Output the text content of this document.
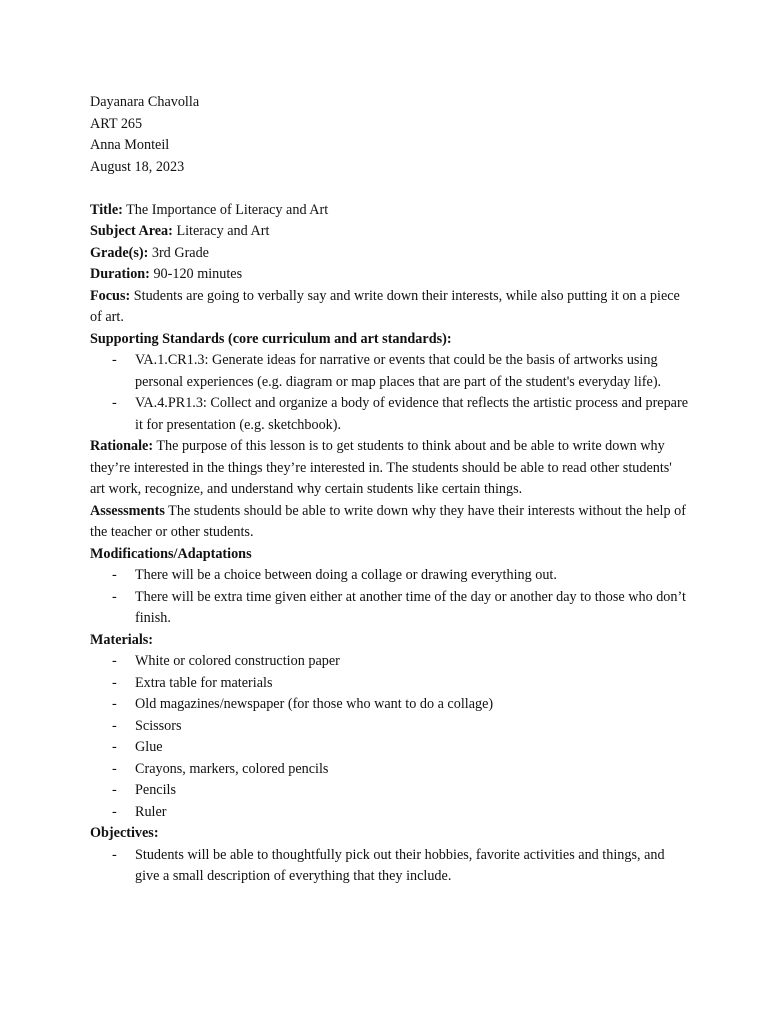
Dayanara Chavolla

ART 265

Anna Monteil

August 18, 2023

Title: The Importance of Literacy and Art

Subject Area: Literacy and Art

Grade(s): 3rd Grade

Duration: 90-120 minutes

Focus: Students are going to verbally say and write down their interests, while also putting it on a piece of art.

Supporting Standards (core curriculum and art standards):

- VA.1.CR1.3: Generate ideas for narrative or events that could be the basis of artworks using personal experiences (e.g. diagram or map places that are part of the student's everyday life).
- VA.4.PR1.3: Collect and organize a body of evidence that reflects the artistic process and prepare it for presentation (e.g. sketchbook).

Rationale: The purpose of this lesson is to get students to think about and be able to write down why they’re interested in the things they’re interested in. The students should be able to read other students' art work, recognize, and understand why certain students like certain things.

Assessments The students should be able to write down why they have their interests without the help of the teacher or other students.

Modifications/Adaptations

- There will be a choice between doing a collage or drawing everything out.
- There will be extra time given either at another time of the day or another day to those who don’t finish.

Materials:

- White or colored construction paper
- Extra table for materials
- Old magazines/newspaper (for those who want to do a collage)
- Scissors
- Glue
- Crayons, markers, colored pencils
- Pencils
- Ruler

Objectives:

- Students will be able to thoughtfully pick out their hobbies, favorite activities and things, and give a small description of everything that they include.
